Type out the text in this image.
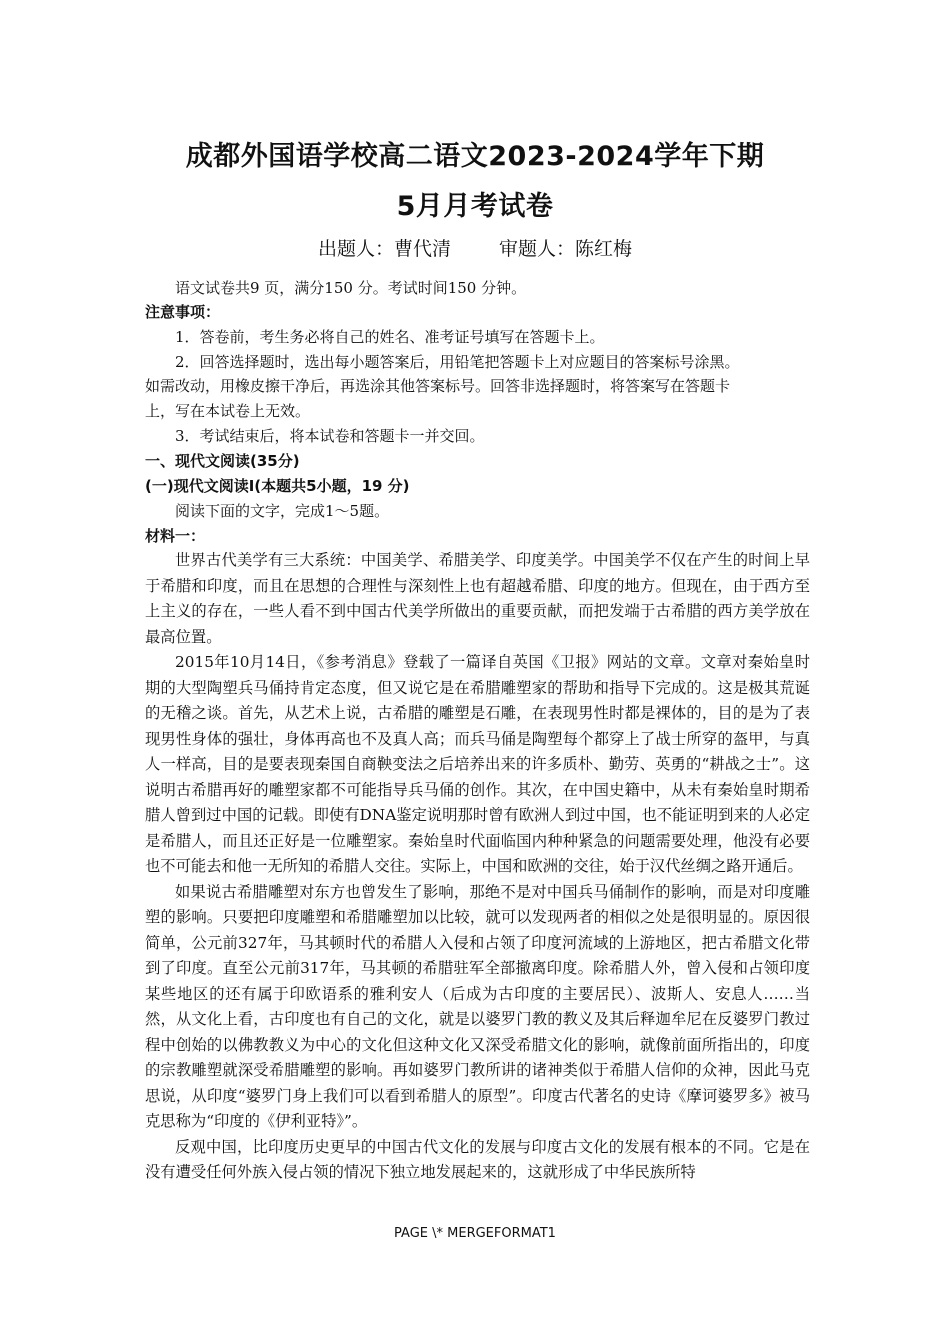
成都外国语学校高二语文2023-2024学年下期
5月月考试卷
出题人：曹代清	审题人：陈红梅
语文试卷共9 页，满分150 分。考试时间150 分钟。
注意事项：
1．答卷前，考生务必将自己的姓名、准考证号填写在答题卡上。
2．回答选择题时，选出每小题答案后，用铅笔把答题卡上对应题目的答案标号涂黑。
如需改动，用橡皮擦干净后，再选涂其他答案标号。回答非选择题时，将答案写在答题卡
上，写在本试卷上无效。
3．考试结束后，将本试卷和答题卡一并交回。
一、现代文阅读(35分)
(一)现代文阅读Ⅰ(本题共5小题，19 分)
阅读下面的文字，完成1～5题。
材料一：

世界古代美学有三大系统：中国美学、希腊美学、印度美学。中国美学不仅在产生的时间上早于希腊和印度，而且在思想的合理性与深刻性上也有超越希腊、印度的地方。但现在，由于西方至上主义的存在，一些人看不到中国古代美学所做出的重要贡献，而把发端于古希腊的西方美学放在最高位置。

2015年10月14日，《参考消息》登载了一篇译自英国《卫报》网站的文章。文章对秦始皇时期的大型陶塑兵马俑持肯定态度，但又说它是在希腊雕塑家的帮助和指导下完成的。这是极其荒诞的无稽之谈。首先，从艺术上说，古希腊的雕塑是石雕，在表现男性时都是裸体的，目的是为了表现男性身体的强壮，身体再高也不及真人高；而兵马俑是陶塑每个都穿上了战士所穿的盔甲，与真人一样高，目的是要表现秦国自商鞅变法之后培养出来的许多质朴、勤劳、英勇的“耕战之士”。这说明古希腊再好的雕塑家都不可能指导兵马俑的创作。其次，在中国史籍中，从未有秦始皇时期希腊人曾到过中国的记载。即使有DNA鉴定说明那时曾有欧洲人到过中国，也不能证明到来的人必定是希腊人，而且还正好是一位雕塑家。秦始皇时代面临国内种种紧急的问题需要处理，他没有必要也不可能去和他一无所知的希腊人交往。实际上，中国和欧洲的交往，始于汉代丝绸之路开通后。

如果说古希腊雕塑对东方也曾发生了影响，那绝不是对中国兵马俑制作的影响，而是对印度雕塑的影响。只要把印度雕塑和希腊雕塑加以比较，就可以发现两者的相似之处是很明显的。原因很简单，公元前327年，马其顿时代的希腊人入侵和占领了印度河流域的上游地区，把古希腊文化带到了印度。直至公元前317年，马其顿的希腊驻军全部撤离印度。除希腊人外，曾入侵和占领印度某些地区的还有属于印欧语系的雅利安人（后成为古印度的主要居民）、波斯人、安息人……当然，从文化上看，古印度也有自己的文化，就是以婆罗门教的教义及其后释迦牟尼在反婆罗门教过程中创始的以佛教教义为中心的文化但这种文化又深受希腊文化的影响，就像前面所指出的，印度的宗教雕塑就深受希腊雕塑的影响。再如婆罗门教所讲的诸神类似于希腊人信仰的众神，因此马克思说，从印度“婆罗门身上我们可以看到希腊人的原型”。印度古代著名的史诗《摩诃婆罗多》被马克思称为“印度的《伊利亚特》”。

反观中国，比印度历史更早的中国古代文化的发展与印度古文化的发展有根本的不同。它是在没有遭受任何外族入侵占领的情况下独立地发展起来的，这就形成了中华民族所特

PAGE \* MERGEFORMAT1
